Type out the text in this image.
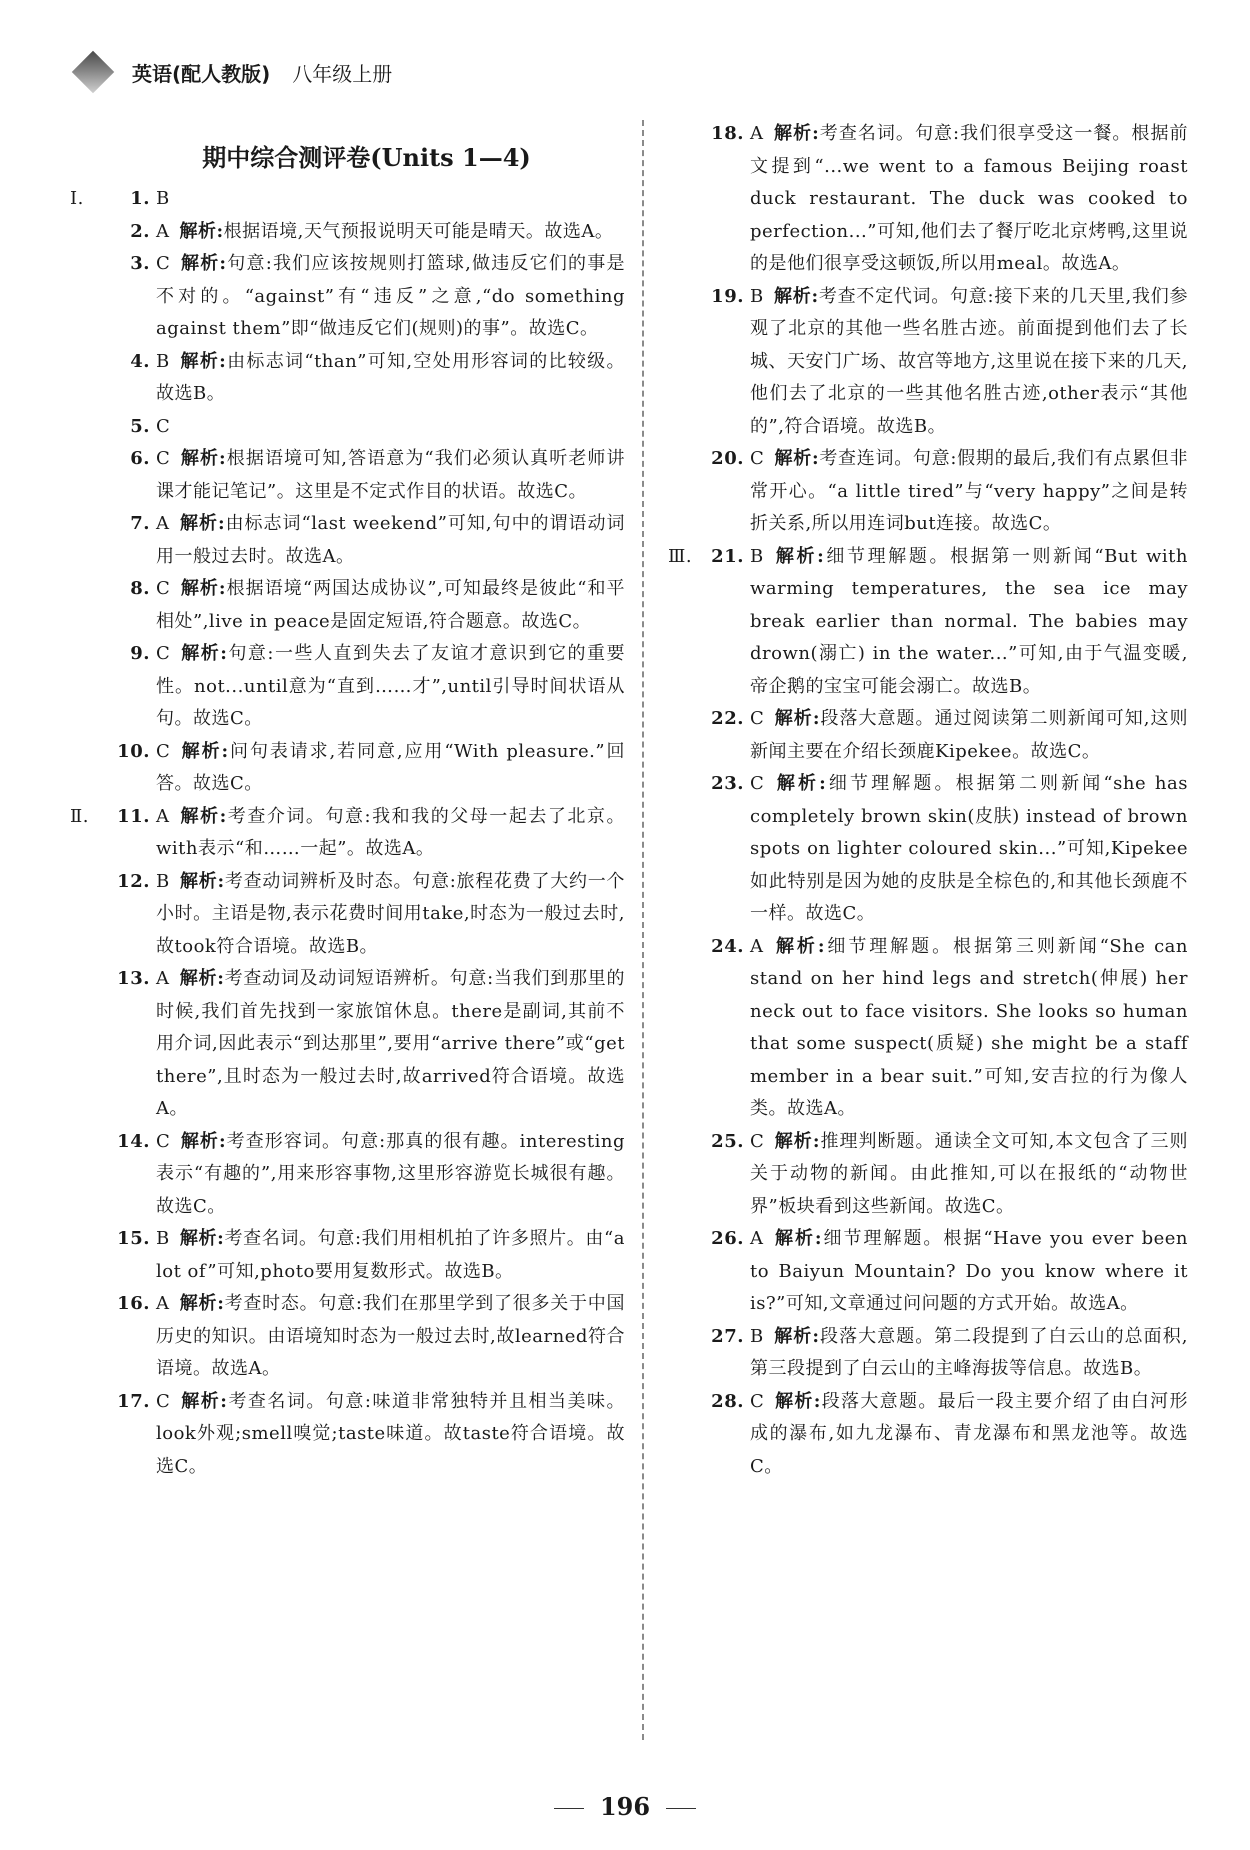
英语(配人教版) 八年级上册
期中综合测评卷(Units 1—4)
Ⅰ.	1. B
2. A 解析:根据语境,天气预报说明天可能是晴天。故选A。
3. C 解析:句意:我们应该按规则打篮球,做违反它们的事是不对的。“against”有“违反”之意,“do something against them”即“做违反它们(规则)的事”。故选C。
4. B 解析:由标志词“than”可知,空处用形容词的比较级。故选B。
5. C
6. C 解析:根据语境可知,答语意为“我们必须认真听老师讲课才能记笔记”。这里是不定式作目的状语。故选C。
7. A 解析:由标志词“last weekend”可知,句中的谓语动词用一般过去时。故选A。
8. C 解析:根据语境“两国达成协议”,可知最终是彼此“和平相处”,live in peace是固定短语,符合题意。故选C。
9. C 解析:句意:一些人直到失去了友谊才意识到它的重要性。not...until意为“直到……才”,until引导时间状语从句。故选C。
10. C 解析:问句表请求,若同意,应用“With pleasure.”回答。故选C。
Ⅱ.	11. A 解析:考查介词。句意:我和我的父母一起去了北京。with表示“和……一起”。故选A。
12. B 解析:考查动词辨析及时态。句意:旅程花费了大约一个小时。主语是物,表示花费时间用take,时态为一般过去时,故took符合语境。故选B。
13. A 解析:考查动词及动词短语辨析。句意:当我们到那里的时候,我们首先找到一家旅馆休息。there是副词,其前不用介词,因此表示“到达那里”,要用“arrive there”或“get there”,且时态为一般过去时,故arrived符合语境。故选A。
14. C 解析:考查形容词。句意:那真的很有趣。interesting表示“有趣的”,用来形容事物,这里形容游览长城很有趣。故选C。
15. B 解析:考查名词。句意:我们用相机拍了许多照片。由“a lot of”可知,photo要用复数形式。故选B。
16. A 解析:考查时态。句意:我们在那里学到了很多关于中国历史的知识。由语境知时态为一般过去时,故learned符合语境。故选A。
17. C 解析:考查名词。句意:味道非常独特并且相当美味。look外观;smell嗅觉;taste味道。故taste符合语境。故选C。
18. A 解析:考查名词。句意:我们很享受这一餐。根据前文提到“...we went to a famous Beijing roast duck restaurant. The duck was cooked to perfection...”可知,他们去了餐厅吃北京烤鸭,这里说的是他们很享受这顿饭,所以用meal。故选A。
19. B 解析:考查不定代词。句意:接下来的几天里,我们参观了北京的其他一些名胜古迹。前面提到他们去了长城、天安门广场、故宫等地方,这里说在接下来的几天,他们去了北京的一些其他名胜古迹,other表示“其他的”,符合语境。故选B。
20. C 解析:考查连词。句意:假期的最后,我们有点累但非常开心。“a little tired”与“very happy”之间是转折关系,所以用连词but连接。故选C。
Ⅲ.	21. B 解析:细节理解题。根据第一则新闻“But with warming temperatures, the sea ice may break earlier than normal. The babies may drown(溺亡) in the water...”可知,由于气温变暖,帝企鹅的宝宝可能会溺亡。故选B。
22. C 解析:段落大意题。通过阅读第二则新闻可知,这则新闻主要在介绍长颈鹿Kipekee。故选C。
23. C 解析:细节理解题。根据第二则新闻“she has completely brown skin(皮肤) instead of brown spots on lighter coloured skin...”可知,Kipekee如此特别是因为她的皮肤是全棕色的,和其他长颈鹿不一样。故选C。
24. A 解析:细节理解题。根据第三则新闻“She can stand on her hind legs and stretch(伸展) her neck out to face visitors. She looks so human that some suspect(质疑) she might be a staff member in a bear suit.”可知,安吉拉的行为像人类。故选A。
25. C 解析:推理判断题。通读全文可知,本文包含了三则关于动物的新闻。由此推知,可以在报纸的“动物世界”板块看到这些新闻。故选C。
26. A 解析:细节理解题。根据“Have you ever been to Baiyun Mountain? Do you know where it is?”可知,文章通过问问题的方式开始。故选A。
27. B 解析:段落大意题。第二段提到了白云山的总面积,第三段提到了白云山的主峰海拔等信息。故选B。
28. C 解析:段落大意题。最后一段主要介绍了由白河形成的瀑布,如九龙瀑布、青龙瀑布和黑龙池等。故选C。
196
